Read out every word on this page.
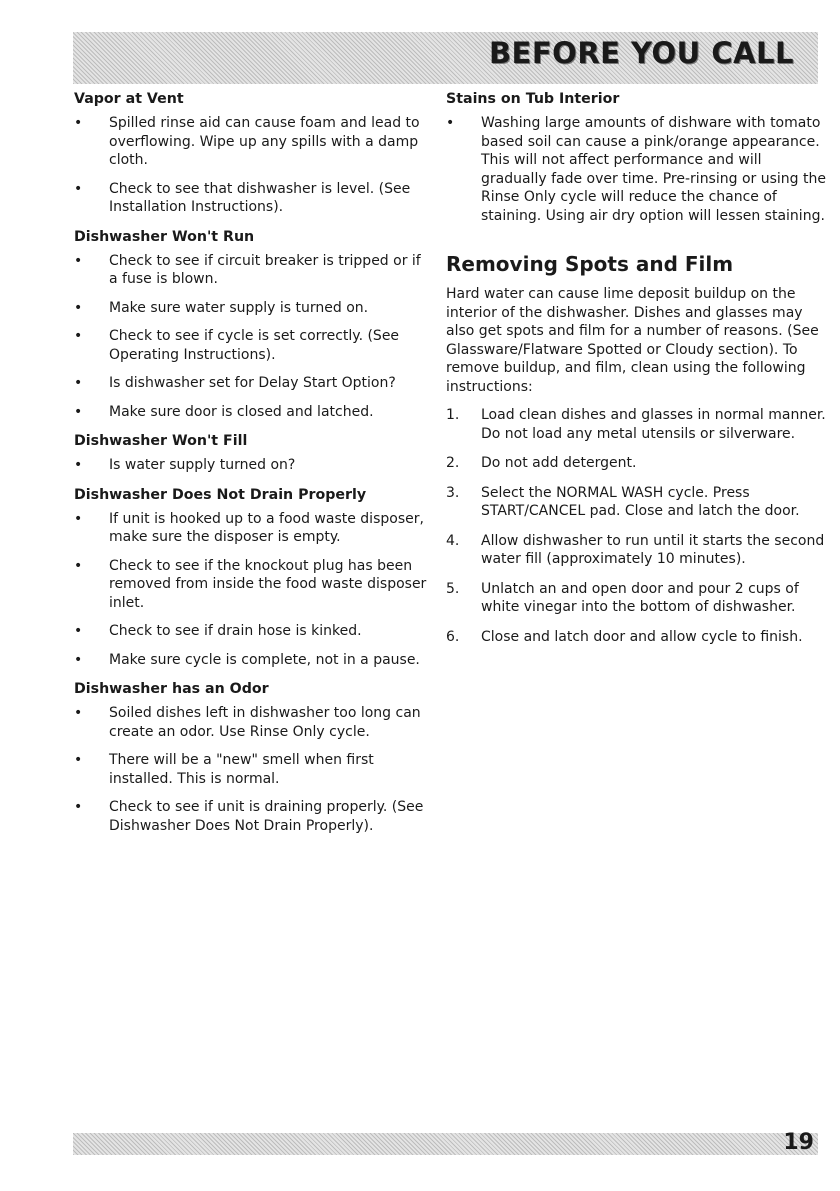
BEFORE YOU CALL
Vapor at Vent
• Spilled rinse aid can cause foam and lead to overflowing. Wipe up any spills with a damp cloth.
• Check to see that dishwasher is level. (See Installation Instructions).
Dishwasher Won't Run
• Check to see if circuit breaker is tripped or if a fuse is blown.
• Make sure water supply is turned on.
• Check to see if cycle is set correctly. (See Operating Instructions).
• Is dishwasher set for Delay Start Option?
• Make sure door is closed and latched.
Dishwasher Won't Fill
• Is water supply turned on?
Dishwasher Does Not Drain Properly
• If unit is hooked up to a food waste disposer, make sure the disposer is empty.
• Check to see if the knockout plug has been removed from inside the food waste disposer inlet.
• Check to see if drain hose is kinked.
• Make sure cycle is complete, not in a pause.
Dishwasher has an Odor
• Soiled dishes left in dishwasher too long can create an odor. Use Rinse Only cycle.
• There will be a "new" smell when first installed. This is normal.
• Check to see if unit is draining properly. (See Dishwasher Does Not Drain Properly).
Stains on Tub Interior
• Washing large amounts of dishware with tomato based soil can cause a pink/orange appearance. This will not affect performance and will gradually fade over time. Pre-rinsing or using the Rinse Only cycle will reduce the chance of staining. Using air dry option will lessen staining.
Removing Spots and Film

Hard water can cause lime deposit buildup on the interior of the dishwasher. Dishes and glasses may also get spots and film for a number of reasons. (See Glassware/Flatware Spotted or Cloudy section). To remove buildup, and film, clean using the following instructions:

1. Load clean dishes and glasses in normal manner. Do not load any metal utensils or silverware.
2. Do not add detergent.
3. Select the NORMAL WASH cycle. Press START/CANCEL pad. Close and latch the door.
4. Allow dishwasher to run until it starts the second water fill (approximately 10 minutes).
5. Unlatch an and open door and pour 2 cups of white vinegar into the bottom of dishwasher.
6. Close and latch door and allow cycle to finish.
19
